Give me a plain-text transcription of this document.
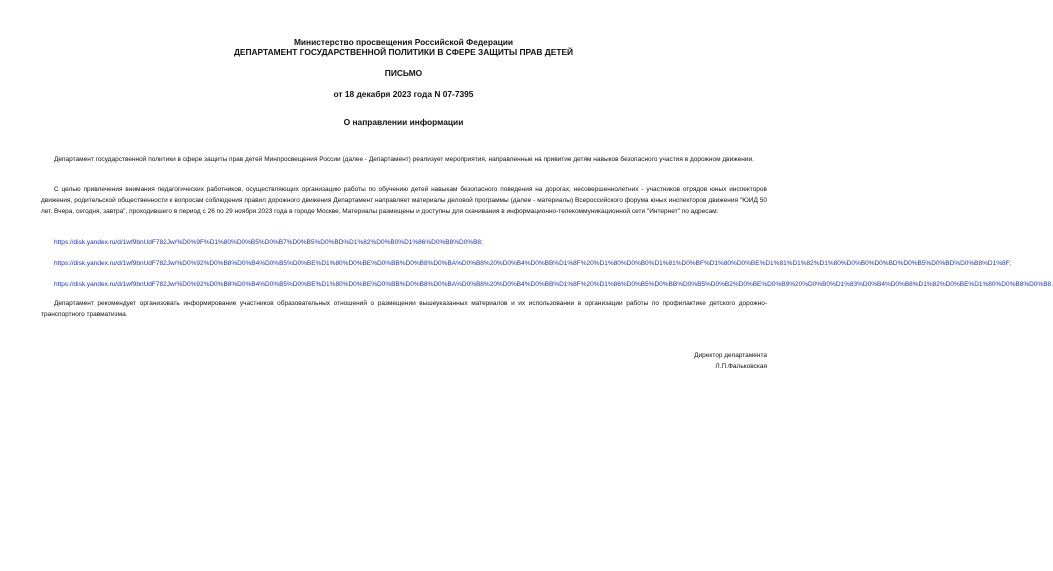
Министерство просвещения Российской Федерации
ДЕПАРТАМЕНТ ГОСУДАРСТВЕННОЙ ПОЛИТИКИ В СФЕРЕ ЗАЩИТЫ ПРАВ ДЕТЕЙ
ПИСЬМО
от 18 декабря 2023 года N 07-7395
О направлении информации

Департамент государственной политики в сфере защиты прав детей Минпросвещения России (далее - Департамент) реализует мероприятия, направленные на привитие детям навыков безопасного участия в дорожном движении.

С целью привлечения внимания педагогических работников, осуществляющих организацию работы по обучению детей навыкам безопасного поведения на дорогах, несовершеннолетних - участников отрядов юных инспекторов движения, родительской общественности к вопросам соблюдения правил дорожного движения Департамент направляет материалы деловой программы (далее - материалы) Всероссийского форума юных инспекторов движения "ЮИД 50 лет. Вчера, сегодня, завтра", проходившего в период с 26 по 29 ноября 2023 года в городе Москве. Материалы размещены и доступны для скачивания в информационно-телекоммуникационной сети "Интернет" по адресам:

https://disk.yandex.ru/d/1wf9bnUdF782Jw/%D0%9F%D1%80%D0%B5%D0%B7%D0%B5%D0%BD%D1%82%D0%B0%D1%86%D0%B8%D0%B8;
https://disk.yandex.ru/d/1wf9bnUdF782Jw/%D0%92%D0%B8%D0%B4%D0%B5%D0%BE%D1%80%D0%BE%D0%BB%D0%B8%D0%BA%D0%B8%20%D0%B4%D0%BB%D1%8F%20%D1%80%D0%B0%D1%81%D0%BF%D1%80%D0%BE%D1%81%D1%82%D1%80%D0%B0%D0%BD%D0%B5%D0%BD%D0%B8%D1%8F;
https://disk.yandex.ru/d/1wf9bnUdF782Jw/%D0%92%D0%B8%D0%B4%D0%B5%D0%BE%D1%80%D0%BE%D0%BB%D0%B8%D0%BA%D0%B8%20%D0%B4%D0%BB%D1%8F%20%D1%86%D0%B5%D0%BB%D0%B5%D0%B2%D0%BE%D0%B9%20%D0%B0%D1%83%D0%B4%D0%B8%D1%82%D0%BE%D1%80%D0%B8%D0%B8.

Департамент рекомендует организовать информирование участников образовательных отношений о размещении вышеуказанных материалов и их использовании в организации работы по профилактике детского дорожно-транспортного травматизма.

Директор департамента
Л.П.Фальковская
